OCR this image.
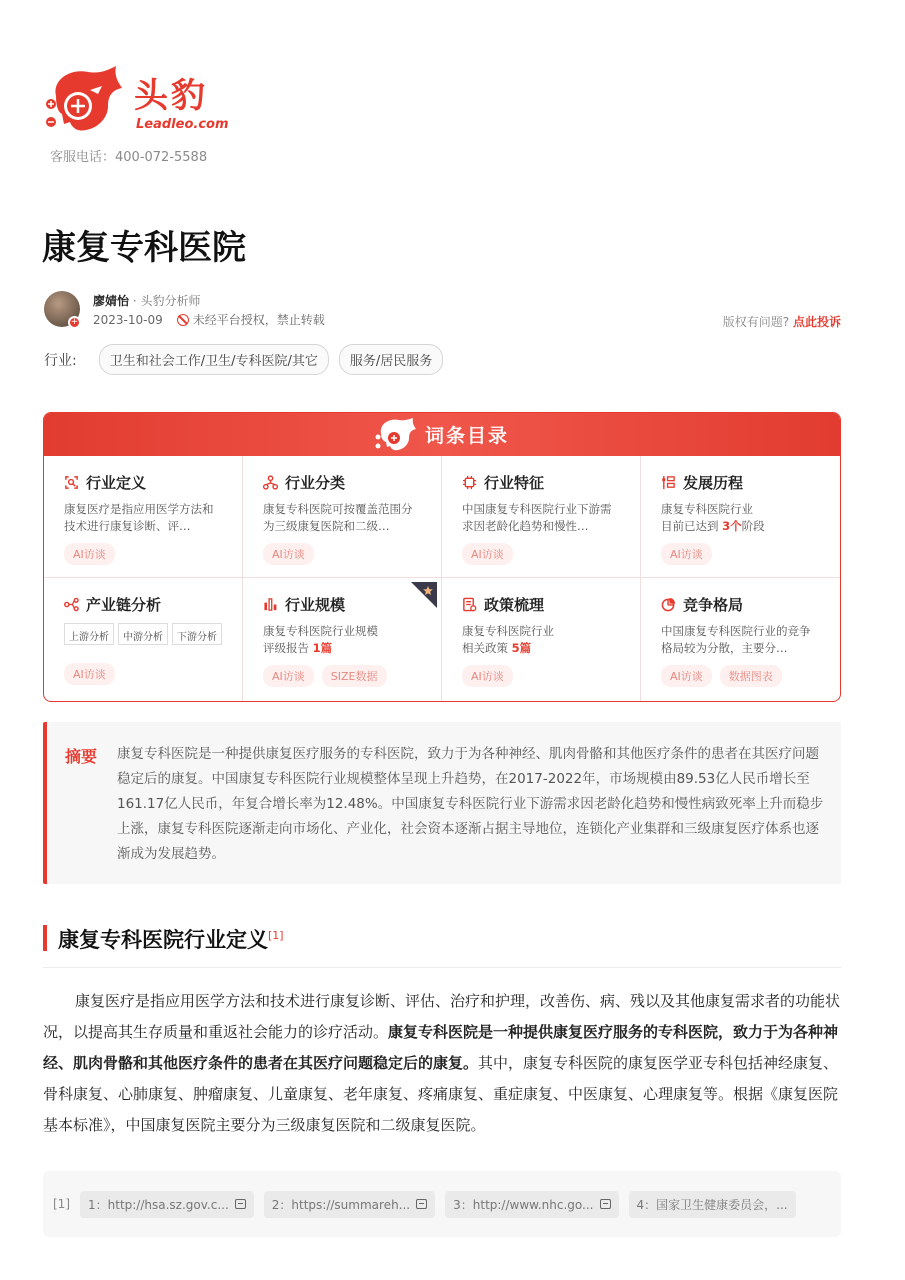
头豹
Leadleo.com
客服电话：400-072-5588
康复专科医院
+
廖婧怡 · 头豹分析师
2023-10-09	未经平台授权，禁止转载	版权有问题? 点此投诉
行业:	卫生和社会工作/卫生/专科医院/其它	服务/居民服务
词条目录
行业定义
康复医疗是指应用医学方法和技术进行康复诊断、评…
AI访谈
行业分类
康复专科医院可按覆盖范围分为三级康复医院和二级…
AI访谈
行业特征
中国康复专科医院行业下游需求因老龄化趋势和慢性…
AI访谈
发展历程
康复专科医院行业
目前已达到 3个阶段
AI访谈
产业链分析
上游分析	中游分析	下游分析
AI访谈
行业规模
康复专科医院行业规模
评级报告 1篇
AI访谈	SIZE数据
政策梳理
康复专科医院行业
相关政策 5篇
AI访谈
竞争格局
中国康复专科医院行业的竞争格局较为分散，主要分…
AI访谈	数据图表
摘要 康复专科医院是一种提供康复医疗服务的专科医院，致力于为各种神经、肌肉骨骼和其他医疗条件的患者在其医疗问题稳定后的康复。中国康复专科医院行业规模整体呈现上升趋势，在2017-2022年，市场规模由89.53亿人民币增长至161.17亿人民币，年复合增长率为12.48%。中国康复专科医院行业下游需求因老龄化趋势和慢性病致死率上升而稳步上涨，康复专科医院逐渐走向市场化、产业化，社会资本逐渐占据主导地位，连锁化产业集群和三级康复医疗体系也逐渐成为发展趋势。
康复专科医院行业定义[1]

康复医疗是指应用医学方法和技术进行康复诊断、评估、治疗和护理，改善伤、病、残以及其他康复需求者的功能状况，以提高其生存质量和重返社会能力的诊疗活动。康复专科医院是一种提供康复医疗服务的专科医院，致力于为各种神经、肌肉骨骼和其他医疗条件的患者在其医疗问题稳定后的康复。其中，康复专科医院的康复医学亚专科包括神经康复、骨科康复、心肺康复、肿瘤康复、儿童康复、老年康复、疼痛康复、重症康复、中医康复、心理康复等。根据《康复医院基本标准》，中国康复医院主要分为三级康复医院和二级康复医院。

[1] 1：http://hsa.sz.gov.c...	2：https://summareh...	3：http://www.nhc.go...	4：国家卫生健康委员会，...
